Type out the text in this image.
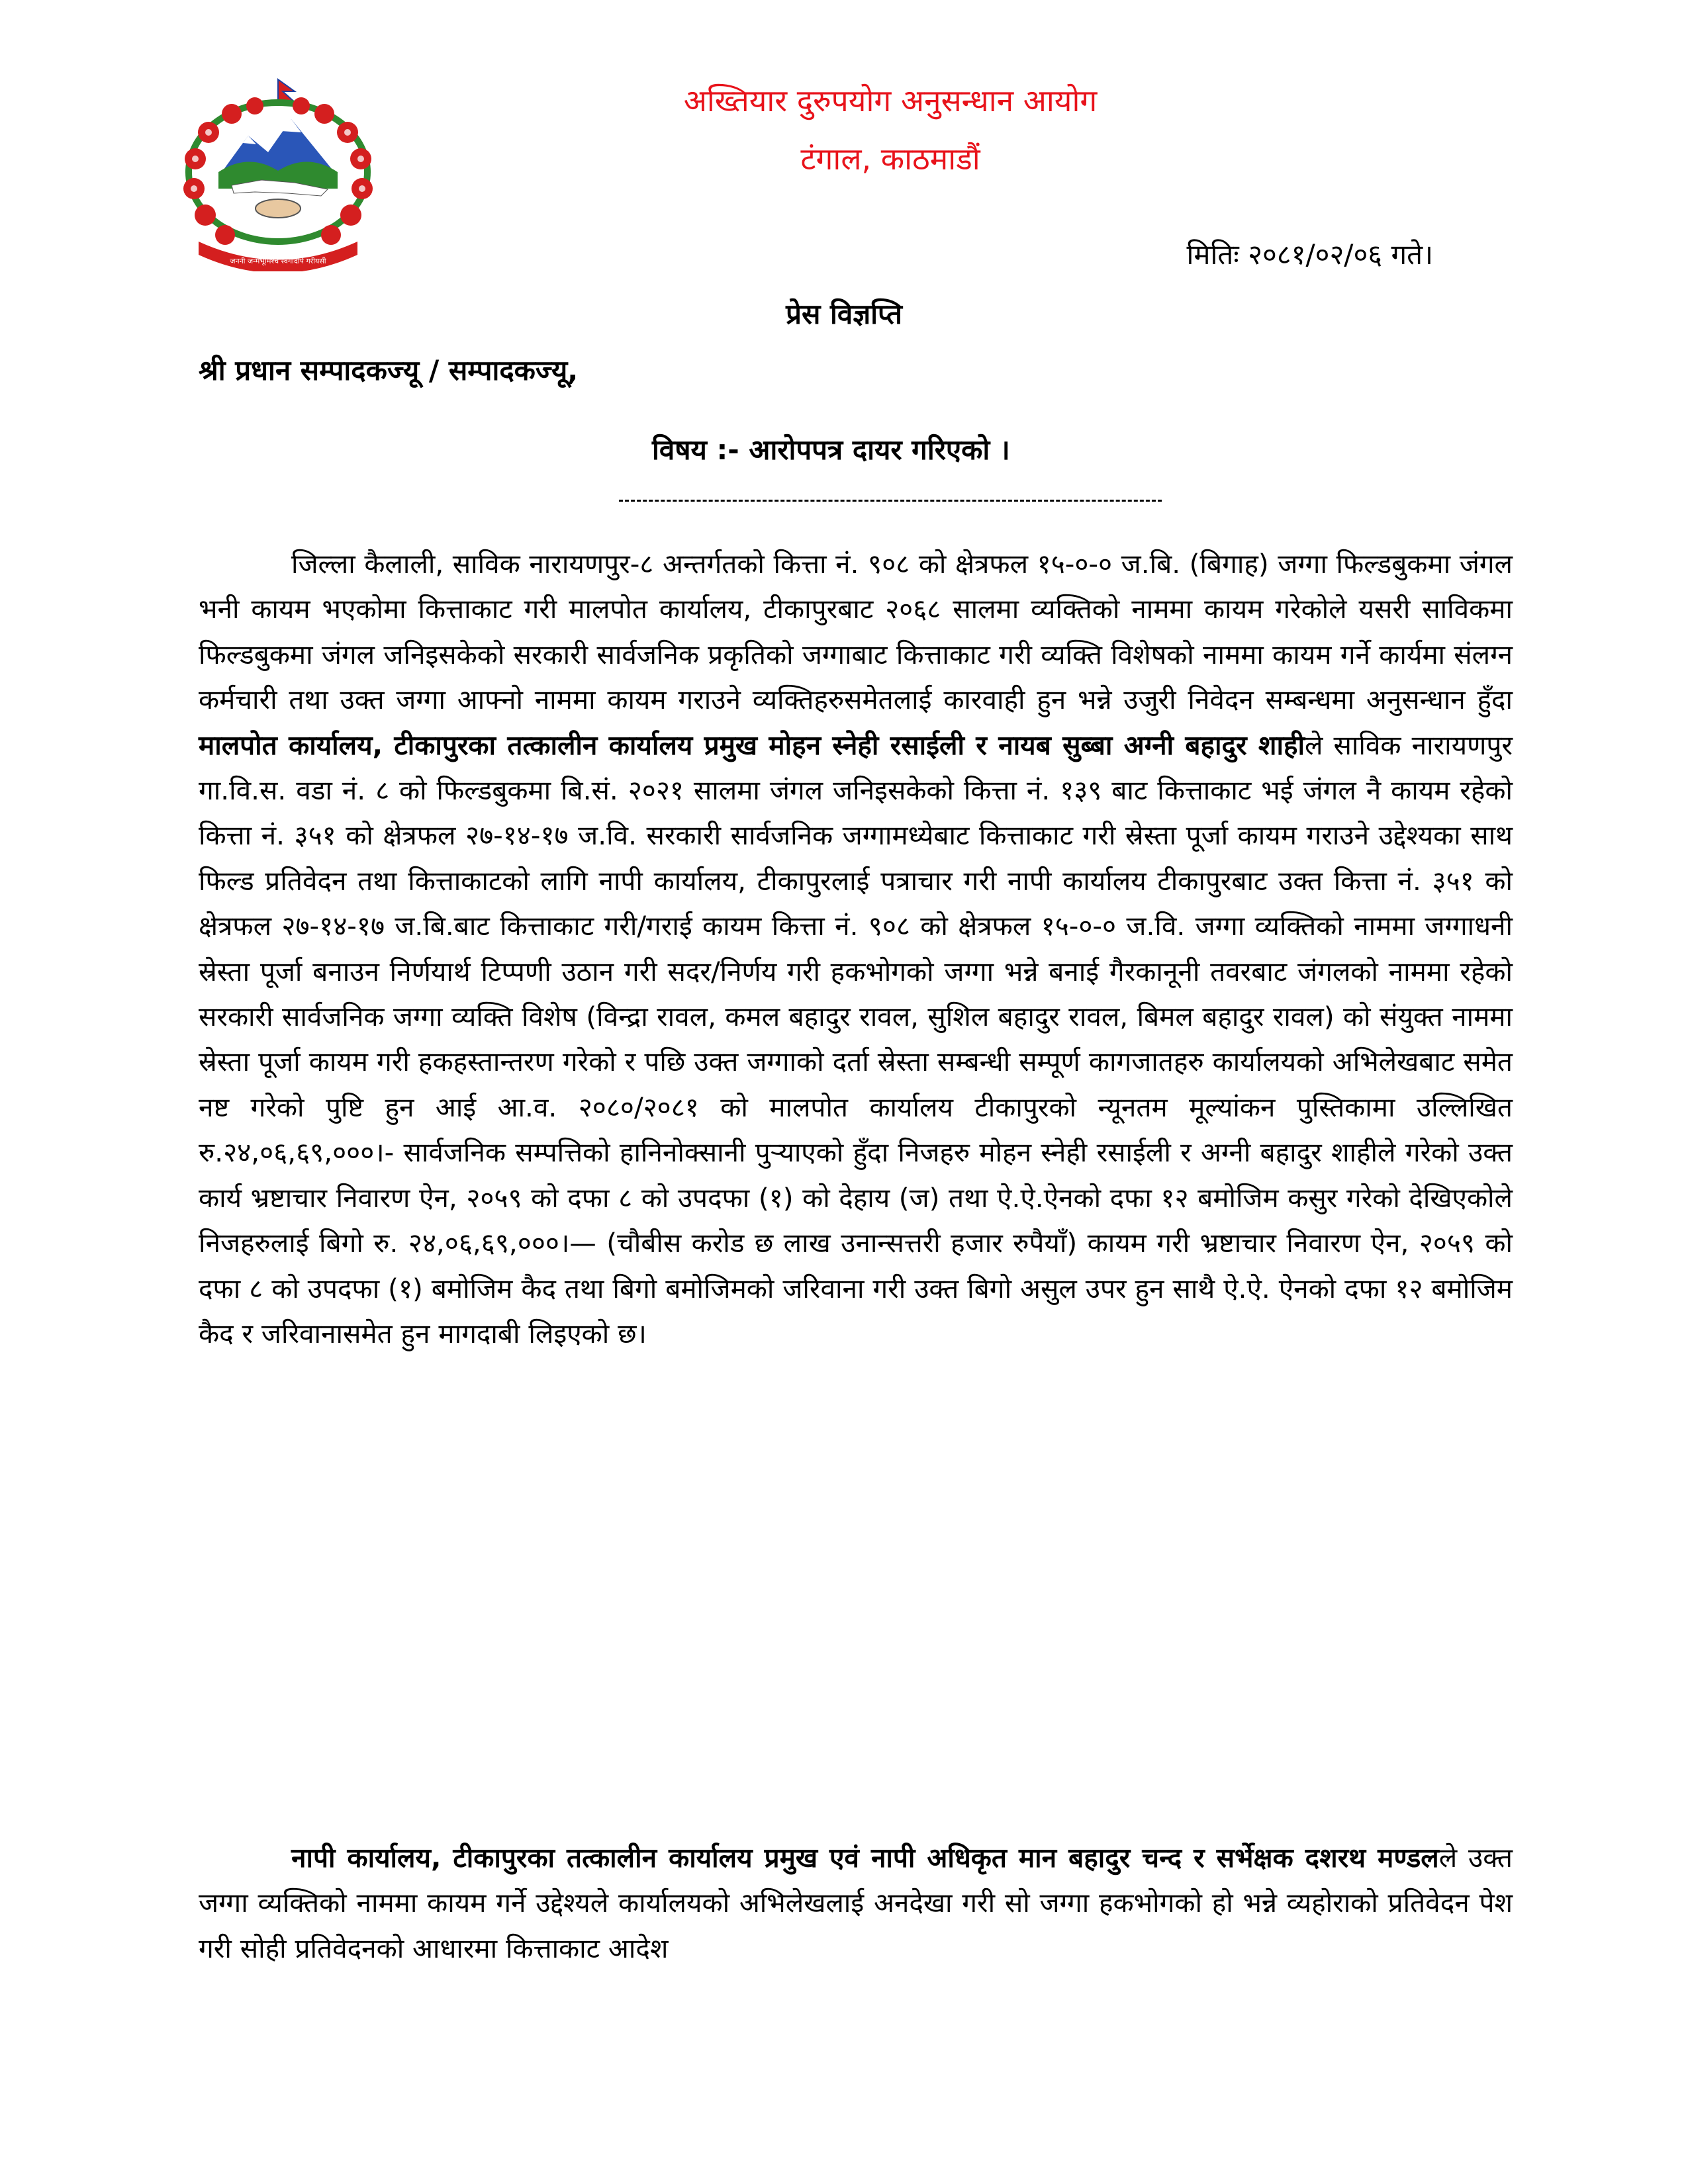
जननी जन्मभूमिश्च स्वर्गादपि गरीयसी
अख्तियार दुरुपयोग अनुसन्धान आयोग
टंगाल, काठमाडौं
मितिः २०८१/०२/०६ गते।
प्रेस विज्ञप्ति
श्री प्रधान सम्पादकज्यू / सम्पादकज्यू,
विषय :- आरोपपत्र दायर गरिएको ।

जिल्ला कैलाली, साविक नारायणपुर-८ अन्तर्गतको कित्ता नं. ९०८ को क्षेत्रफल १५-०-० ज.बि. (बिगाह) जग्गा फिल्डबुकमा जंगल भनी कायम भएकोमा कित्ताकाट गरी मालपोत कार्यालय, टीकापुरबाट २०६८ सालमा व्यक्तिको नाममा कायम गरेकोले यसरी साविकमा फिल्डबुकमा जंगल जनिइसकेको सरकारी सार्वजनिक प्रकृतिको जग्गाबाट कित्ताकाट गरी व्यक्ति विशेषको नाममा कायम गर्ने कार्यमा संलग्न कर्मचारी तथा उक्त जग्गा आफ्नो नाममा कायम गराउने व्यक्तिहरुसमेतलाई कारवाही हुन भन्ने उजुरी निवेदन सम्बन्धमा अनुसन्धान हुँदा मालपोत कार्यालय, टीकापुरका तत्कालीन कार्यालय प्रमुख मोहन स्नेही रसाईली र नायब सुब्बा अग्नी बहादुर शाहीले साविक नारायणपुर गा.वि.स. वडा नं. ८ को फिल्डबुकमा बि.सं. २०२१ सालमा जंगल जनिइसकेको कित्ता नं. १३९ बाट कित्ताकाट भई जंगल नै कायम रहेको कित्ता नं. ३५१ को क्षेत्रफल २७-१४-१७ ज.वि. सरकारी सार्वजनिक जग्गामध्येबाट कित्ताकाट गरी स्रेस्ता पूर्जा कायम गराउने उद्देश्यका साथ फिल्ड प्रतिवेदन तथा कित्ताकाटको लागि नापी कार्यालय, टीकापुरलाई पत्राचार गरी नापी कार्यालय टीकापुरबाट उक्त कित्ता नं. ३५१ को क्षेत्रफल २७-१४-१७ ज.बि.बाट कित्ताकाट गरी/गराई कायम कित्ता नं. ९०८ को क्षेत्रफल १५-०-० ज.वि. जग्गा व्यक्तिको नाममा जग्गाधनी स्रेस्ता पूर्जा बनाउन निर्णयार्थ टिप्पणी उठान गरी सदर/निर्णय गरी हकभोगको जग्गा भन्ने बनाई गैरकानूनी तवरबाट जंगलको नाममा रहेको सरकारी सार्वजनिक जग्गा व्यक्ति विशेष (विन्द्रा रावल, कमल बहादुर रावल, सुशिल बहादुर रावल, बिमल बहादुर रावल) को संयुक्त नाममा स्रेस्ता पूर्जा कायम गरी हकहस्तान्तरण गरेको र पछि उक्त जग्गाको दर्ता स्रेस्ता सम्बन्धी सम्पूर्ण कागजातहरु कार्यालयको अभिलेखबाट समेत नष्ट गरेको पुष्टि हुन आई आ.व. २०८०/२०८१ को मालपोत कार्यालय टीकापुरको न्यूनतम मूल्यांकन पुस्तिकामा उल्लिखित रु.२४,०६,६९,०००।- सार्वजनिक सम्पत्तिको हानिनोक्सानी पुऱ्याएको हुँदा निजहरु मोहन स्नेही रसाईली र अग्नी बहादुर शाहीले गरेको उक्त कार्य भ्रष्टाचार निवारण ऐन, २०५९ को दफा ८ को उपदफा (१) को देहाय (ज) तथा ऐ.ऐ.ऐनको दफा १२ बमोजिम कसुर गरेको देखिएकोले निजहरुलाई बिगो रु. २४,०६,६९,०००।— (चौबीस करोड छ लाख उनान्सत्तरी हजार रुपैयाँ) कायम गरी भ्रष्टाचार निवारण ऐन, २०५९ को दफा ८ को उपदफा (१) बमोजिम कैद तथा बिगो बमोजिमको जरिवाना गरी उक्त बिगो असुल उपर हुन साथै ऐ.ऐ. ऐनको दफा १२ बमोजिम कैद र जरिवानासमेत हुन मागदाबी लिइएको छ।

नापी कार्यालय, टीकापुरका तत्कालीन कार्यालय प्रमुख एवं नापी अधिकृत मान बहादुर चन्द र सर्भेक्षक दशरथ मण्डलले उक्त जग्गा व्यक्तिको नाममा कायम गर्ने उद्देश्यले कार्यालयको अभिलेखलाई अनदेखा गरी सो जग्गा हकभोगको हो भन्ने व्यहोराको प्रतिवेदन पेश गरी सोही प्रतिवेदनको आधारमा कित्ताकाट आदेश
